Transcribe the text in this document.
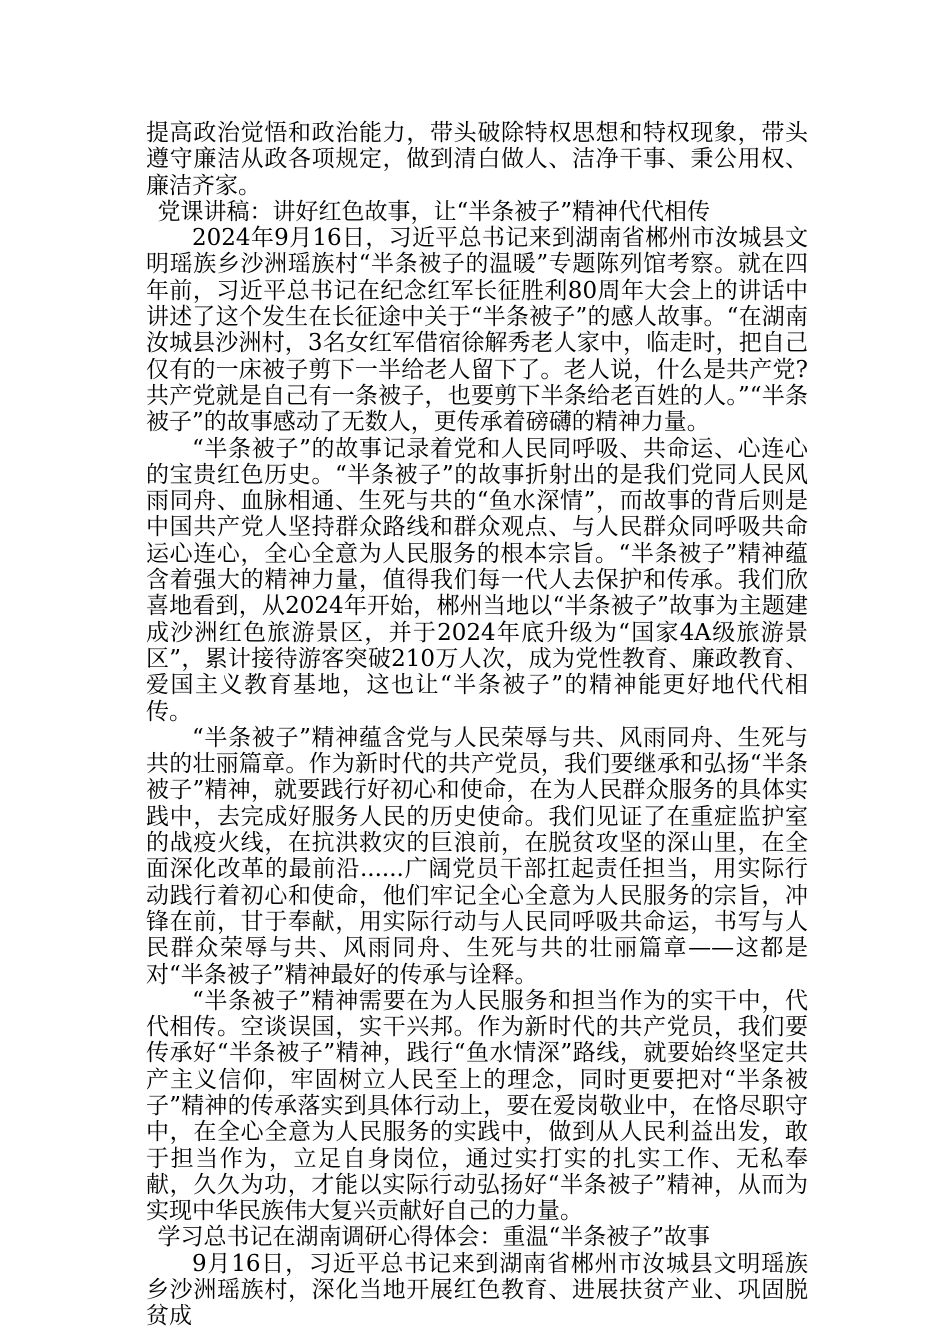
提高政治觉悟和政治能力，带头破除特权思想和特权现象，带头遵守廉洁从政各项规定，做到清白做人、洁净干事、秉公用权、廉洁齐家。

党课讲稿：讲好红色故事，让“半条被子”精神代代相传

2024年9月16日，习近平总书记来到湖南省郴州市汝城县文明瑶族乡沙洲瑶族村“半条被子的温暖”专题陈列馆考察。就在四年前，习近平总书记在纪念红军长征胜利80周年大会上的讲话中讲述了这个发生在长征途中关于“半条被子”的感人故事。“在湖南汝城县沙洲村，3名女红军借宿徐解秀老人家中，临走时，把自己仅有的一床被子剪下一半给老人留下了。老人说，什么是共产党?共产党就是自己有一条被子，也要剪下半条给老百姓的人。”“半条被子”的故事感动了无数人，更传承着磅礴的精神力量。

“半条被子”的故事记录着党和人民同呼吸、共命运、心连心的宝贵红色历史。“半条被子”的故事折射出的是我们党同人民风雨同舟、血脉相通、生死与共的“鱼水深情”，而故事的背后则是中国共产党人坚持群众路线和群众观点、与人民群众同呼吸共命运心连心，全心全意为人民服务的根本宗旨。“半条被子”精神蕴含着强大的精神力量，值得我们每一代人去保护和传承。我们欣喜地看到，从2024年开始，郴州当地以“半条被子”故事为主题建成沙洲红色旅游景区，并于2024年底升级为“国家4A级旅游景区”，累计接待游客突破210万人次，成为党性教育、廉政教育、爱国主义教育基地，这也让“半条被子”的精神能更好地代代相传。

“半条被子”精神蕴含党与人民荣辱与共、风雨同舟、生死与共的壮丽篇章。作为新时代的共产党员，我们要继承和弘扬“半条被子”精神，就要践行好初心和使命，在为人民群众服务的具体实践中，去完成好服务人民的历史使命。我们见证了在重症监护室的战疫火线，在抗洪救灾的巨浪前，在脱贫攻坚的深山里，在全面深化改革的最前沿......广阔党员干部扛起责任担当，用实际行动践行着初心和使命，他们牢记全心全意为人民服务的宗旨，冲锋在前，甘于奉献，用实际行动与人民同呼吸共命运，书写与人民群众荣辱与共、风雨同舟、生死与共的壮丽篇章——这都是对“半条被子”精神最好的传承与诠释。

“半条被子”精神需要在为人民服务和担当作为的实干中，代代相传。空谈误国，实干兴邦。作为新时代的共产党员，我们要传承好“半条被子”精神，践行“鱼水情深”路线，就要始终坚定共产主义信仰，牢固树立人民至上的理念，同时更要把对“半条被子”精神的传承落实到具体行动上，要在爱岗敬业中，在恪尽职守中，在全心全意为人民服务的实践中，做到从人民利益出发，敢于担当作为，立足自身岗位，通过实打实的扎实工作、无私奉献，久久为功，才能以实际行动弘扬好“半条被子”精神，从而为实现中华民族伟大复兴贡献好自己的力量。

学习总书记在湖南调研心得体会：重温“半条被子”故事

9月16日，习近平总书记来到湖南省郴州市汝城县文明瑶族乡沙洲瑶族村，深化当地开展红色教育、进展扶贫产业、巩固脱贫成
